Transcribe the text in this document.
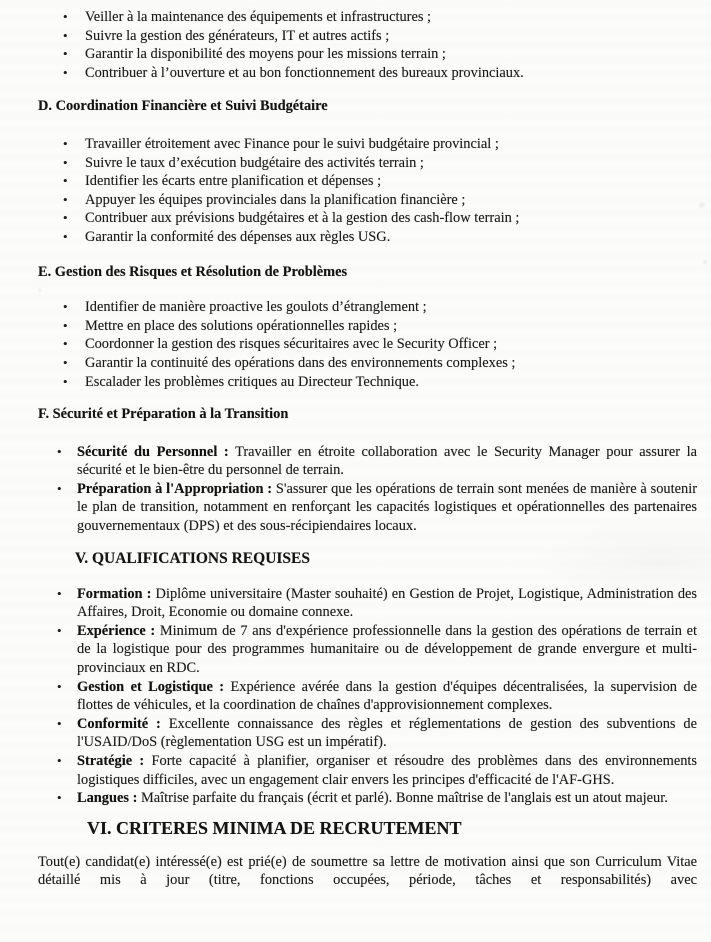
• Veiller à la maintenance des équipements et infrastructures ;
• Suivre la gestion des générateurs, IT et autres actifs ;
• Garantir la disponibilité des moyens pour les missions terrain ;
• Contribuer à l’ouverture et au bon fonctionnement des bureaux provinciaux.
D. Coordination Financière et Suivi Budgétaire
• Travailler étroitement avec Finance pour le suivi budgétaire provincial ;
• Suivre le taux d’exécution budgétaire des activités terrain ;
• Identifier les écarts entre planification et dépenses ;
• Appuyer les équipes provinciales dans la planification financière ;
• Contribuer aux prévisions budgétaires et à la gestion des cash-flow terrain ;
• Garantir la conformité des dépenses aux règles USG.
E. Gestion des Risques et Résolution de Problèmes
• Identifier de manière proactive les goulots d’étranglement ;
• Mettre en place des solutions opérationnelles rapides ;
• Coordonner la gestion des risques sécuritaires avec le Security Officer ;
• Garantir la continuité des opérations dans des environnements complexes ;
• Escalader les problèmes critiques au Directeur Technique.
F. Sécurité et Préparation à la Transition
• Sécurité du Personnel : Travailler en étroite collaboration avec le Security Manager pour assurer la sécurité et le bien-être du personnel de terrain.
• Préparation à l'Appropriation : S'assurer que les opérations de terrain sont menées de manière à soutenir le plan de transition, notamment en renforçant les capacités logistiques et opérationnelles des partenaires gouvernementaux (DPS) et des sous-récipiendaires locaux.
V. QUALIFICATIONS REQUISES
• Formation : Diplôme universitaire (Master souhaité) en Gestion de Projet, Logistique, Administration des Affaires, Droit, Economie ou domaine connexe.
• Expérience : Minimum de 7 ans d'expérience professionnelle dans la gestion des opérations de terrain et de la logistique pour des programmes humanitaire ou de développement de grande envergure et multi-provinciaux en RDC.
• Gestion et Logistique : Expérience avérée dans la gestion d'équipes décentralisées, la supervision de flottes de véhicules, et la coordination de chaînes d'approvisionnement complexes.
• Conformité : Excellente connaissance des règles et réglementations de gestion des subventions de l'USAID/DoS (règlementation USG est un impératif).
• Stratégie : Forte capacité à planifier, organiser et résoudre des problèmes dans des environnements logistiques difficiles, avec un engagement clair envers les principes d'efficacité de l'AF-GHS.
• Langues : Maîtrise parfaite du français (écrit et parlé). Bonne maîtrise de l'anglais est un atout majeur.
VI. CRITERES MINIMA DE RECRUTEMENT
Tout(e) candidat(e) intéressé(e) est prié(e) de soumettre sa lettre de motivation ainsi que son Curriculum Vitae détaillé mis à jour (titre, fonctions occupées, période, tâches et responsabilités) avec
